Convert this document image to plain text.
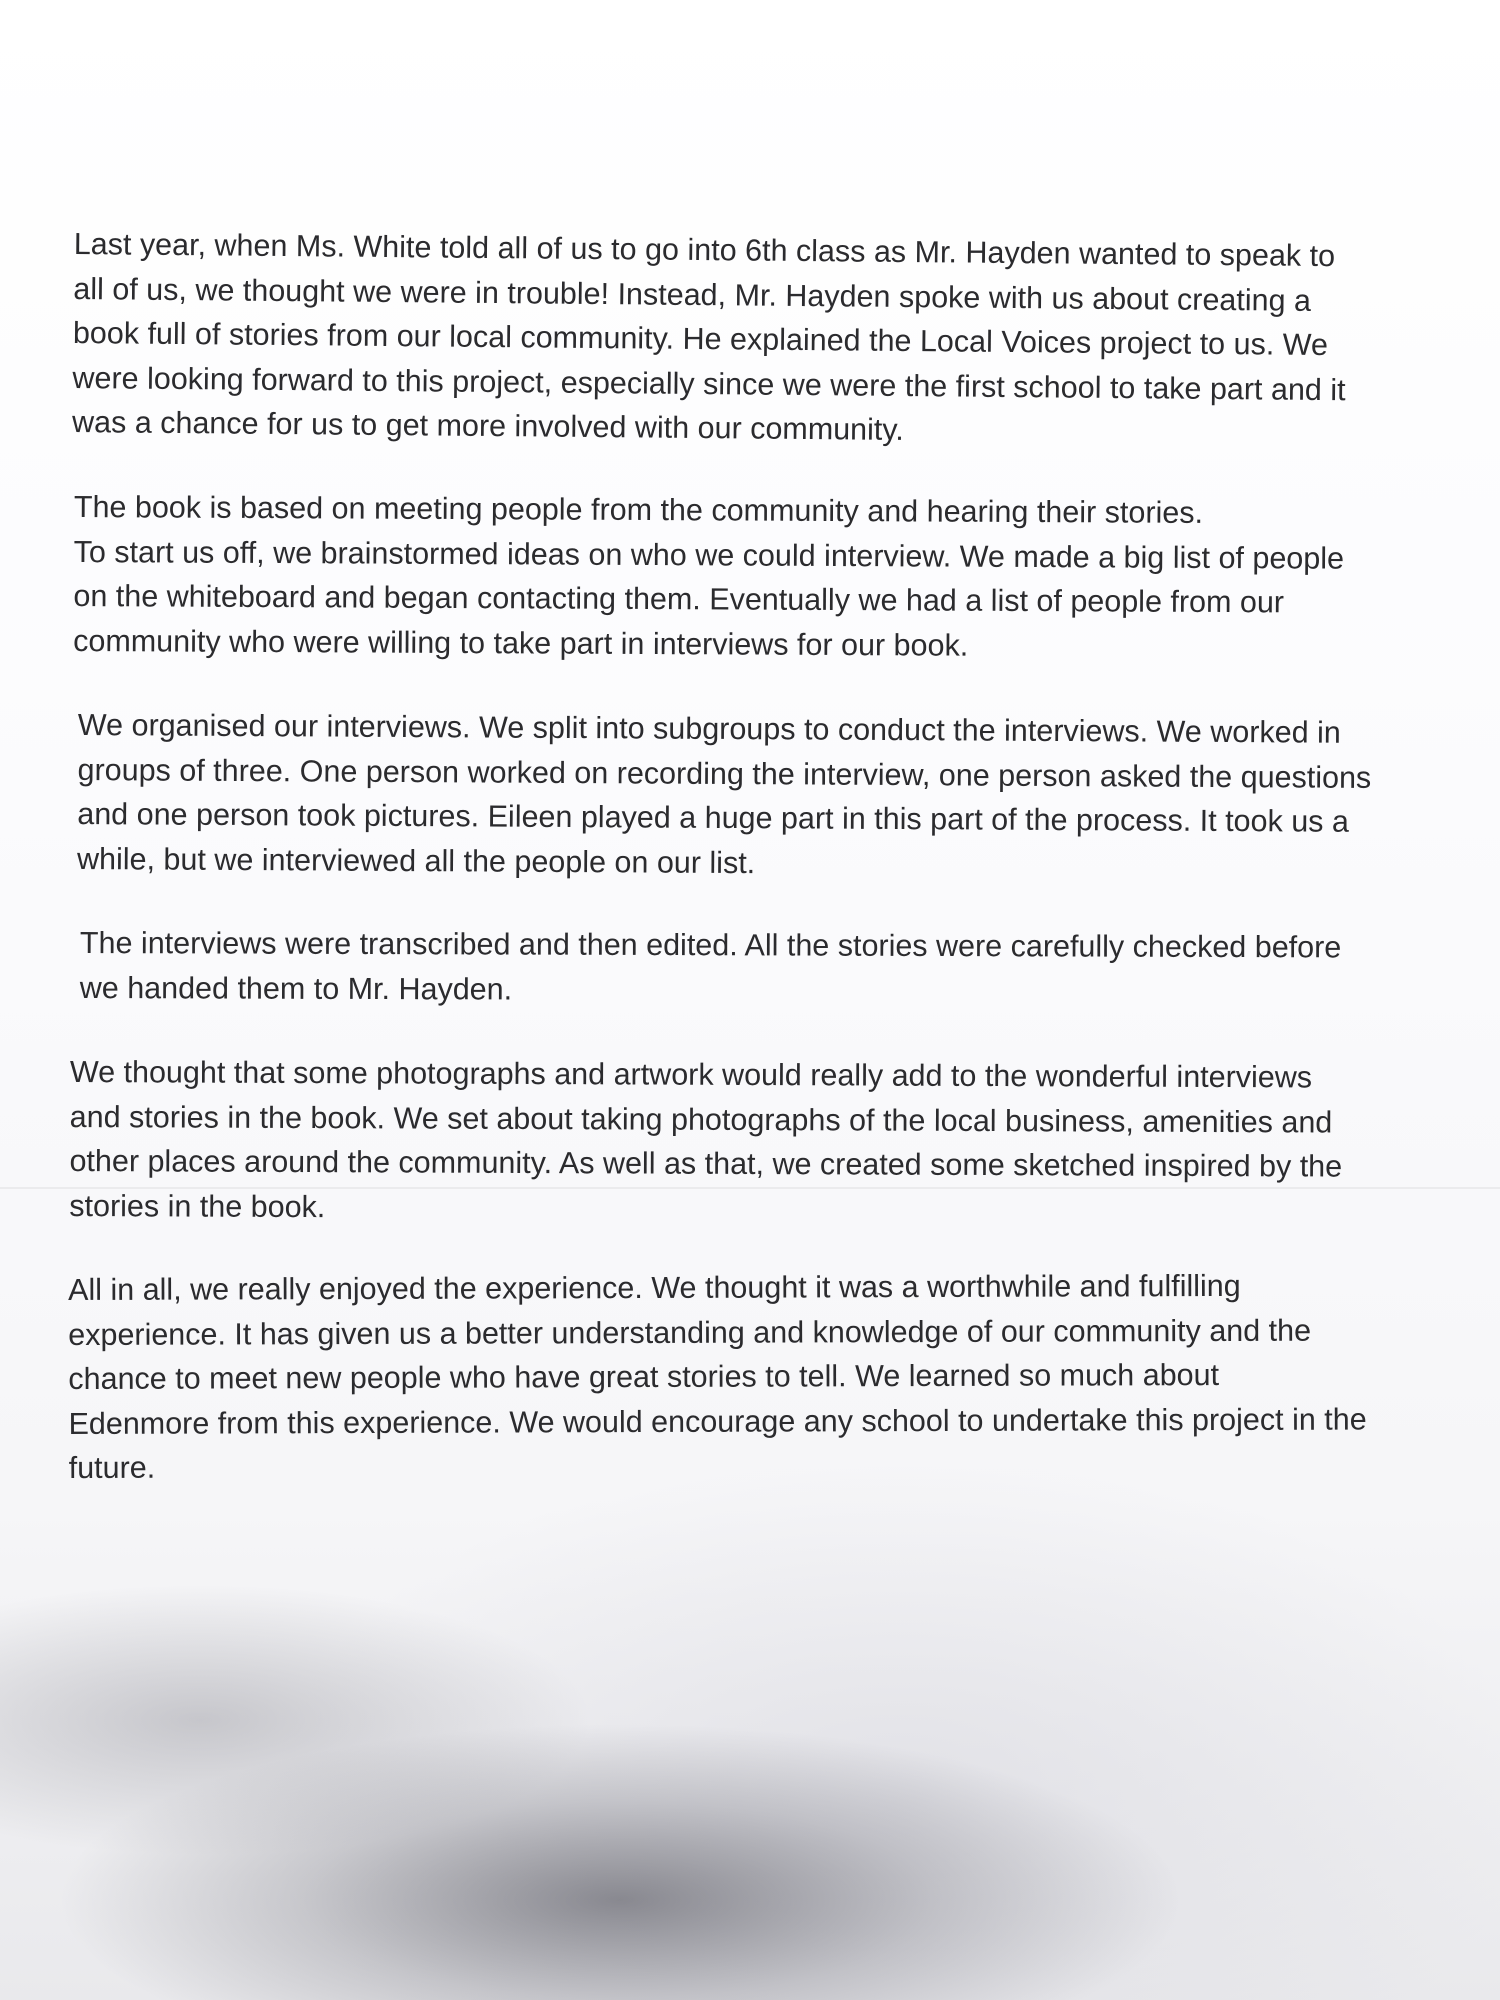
Last year, when Ms. White told all of us to go into 6th class as Mr. Hayden wanted to speak to
all of us, we thought we were in trouble! Instead, Mr. Hayden spoke with us about creating a
book full of stories from our local community. He explained the Local Voices project to us. We
were looking forward to this project, especially since we were the first school to take part and it
was a chance for us to get more involved with our community.

The book is based on meeting people from the community and hearing their stories.
To start us off, we brainstormed ideas on who we could interview. We made a big list of people
on the whiteboard and began contacting them. Eventually we had a list of people from our
community who were willing to take part in interviews for our book.

We organised our interviews. We split into subgroups to conduct the interviews. We worked in
groups of three. One person worked on recording the interview, one person asked the questions
and one person took pictures. Eileen played a huge part in this part of the process. It took us a
while, but we interviewed all the people on our list.

The interviews were transcribed and then edited. All the stories were carefully checked before
we handed them to Mr. Hayden.

We thought that some photographs and artwork would really add to the wonderful interviews
and stories in the book. We set about taking photographs of the local business, amenities and
other places around the community. As well as that, we created some sketched inspired by the
stories in the book.

All in all, we really enjoyed the experience. We thought it was a worthwhile and fulfilling
experience. It has given us a better understanding and knowledge of our community and the
chance to meet new people who have great stories to tell. We learned so much about
Edenmore from this experience. We would encourage any school to undertake this project in the
future.
